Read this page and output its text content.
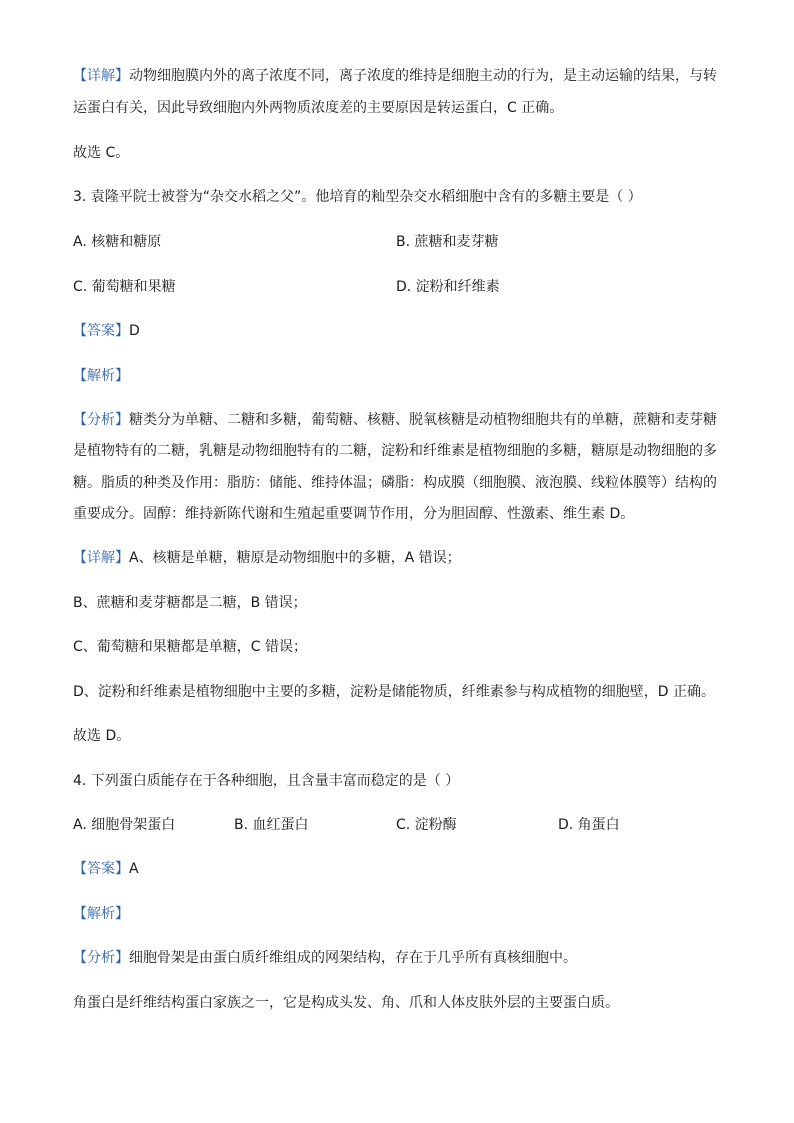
【详解】动物细胞膜内外的离子浓度不同，离子浓度的维持是细胞主动的行为，是主动运输的结果，与转
运蛋白有关，因此导致细胞内外两物质浓度差的主要原因是转运蛋白，C 正确。
故选 C。
3. 袁隆平院士被誉为“杂交水稻之父”。他培育的籼型杂交水稻细胞中含有的多糖主要是（ ）
A. 核糖和糖原	B. 蔗糖和麦芽糖
C. 葡萄糖和果糖	D. 淀粉和纤维素
【答案】D
【解析】
【分析】糖类分为单糖、二糖和多糖，葡萄糖、核糖、脱氧核糖是动植物细胞共有的单糖，蔗糖和麦芽糖
是植物特有的二糖，乳糖是动物细胞特有的二糖，淀粉和纤维素是植物细胞的多糖，糖原是动物细胞的多
糖。脂质的种类及作用：脂肪：储能、维持体温；磷脂：构成膜（细胞膜、液泡膜、线粒体膜等）结构的
重要成分。固醇：维持新陈代谢和生殖起重要调节作用，分为胆固醇、性激素、维生素 D。
【详解】A、核糖是单糖，糖原是动物细胞中的多糖，A 错误；
B、蔗糖和麦芽糖都是二糖，B 错误；
C、葡萄糖和果糖都是单糖，C 错误；
D、淀粉和纤维素是植物细胞中主要的多糖，淀粉是储能物质，纤维素参与构成植物的细胞壁，D 正确。
故选 D。
4. 下列蛋白质能存在于各种细胞，且含量丰富而稳定的是（ ）
A. 细胞骨架蛋白	B. 血红蛋白	C. 淀粉酶	D. 角蛋白
【答案】A
【解析】
【分析】细胞骨架是由蛋白质纤维组成的网架结构，存在于几乎所有真核细胞中。
角蛋白是纤维结构蛋白家族之一，它是构成头发、角、爪和人体皮肤外层的主要蛋白质。
